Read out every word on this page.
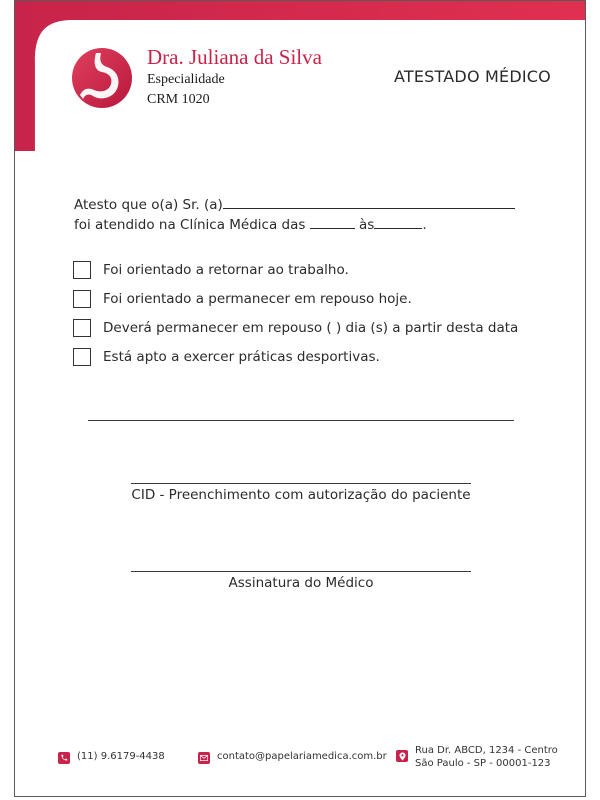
Dra. Juliana da Silva
Especialidade
CRM 1020
ATESTADO MÉDICO
Atesto que o(a) Sr. (a)
foi atendido na Clínica Médica das	às	.
Foi orientado a retornar ao trabalho.
Foi orientado a permanecer em repouso hoje.
Deverá permanecer em repouso ( ) dia (s) a partir desta data
Está apto a exercer práticas desportivas.
CID - Preenchimento com autorização do paciente
Assinatura do Médico
(11) 9.6179-4438	contato@papelariamedica.com.br
Rua Dr. ABCD, 1234 - Centro
São Paulo - SP - 00001-123
